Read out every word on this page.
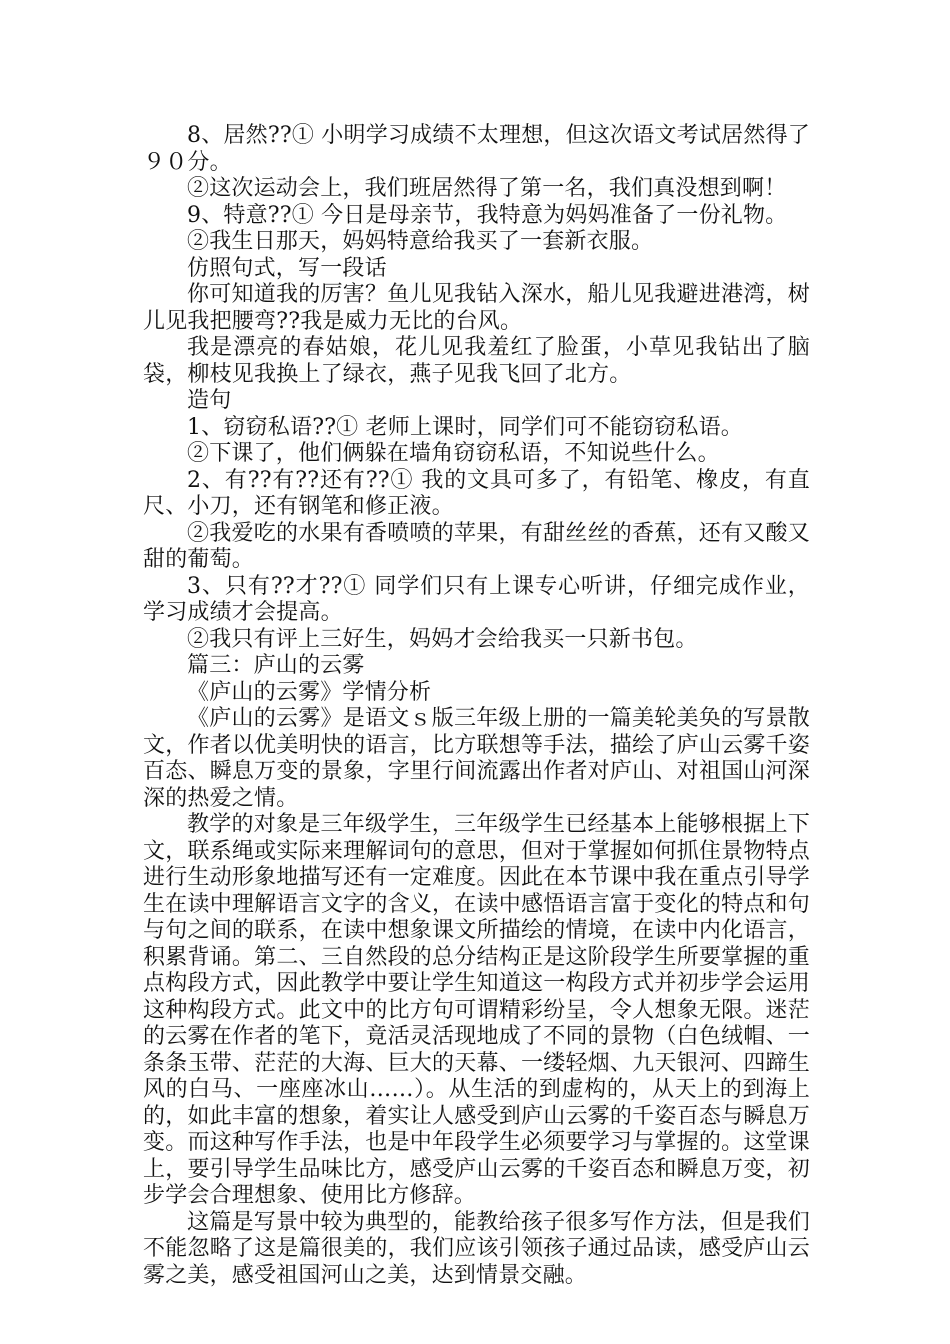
8、居然??① 小明学习成绩不太理想，但这次语文考试居然得了９０分。

②这次运动会上，我们班居然得了第一名，我们真没想到啊！

9、特意??① 今日是母亲节，我特意为妈妈准备了一份礼物。

②我生日那天，妈妈特意给我买了一套新衣服。

仿照句式，写一段话

你可知道我的厉害？鱼儿见我钻入深水，船儿见我避进港湾，树儿见我把腰弯??我是威力无比的台风。

我是漂亮的春姑娘，花儿见我羞红了脸蛋，小草见我钻出了脑袋，柳枝见我换上了绿衣，燕子见我飞回了北方。

造句

1、窃窃私语??① 老师上课时，同学们可不能窃窃私语。

②下课了，他们俩躲在墙角窃窃私语，不知说些什么。

2、有??有??还有??① 我的文具可多了，有铅笔、橡皮，有直尺、小刀，还有钢笔和修正液。

②我爱吃的水果有香喷喷的苹果，有甜丝丝的香蕉，还有又酸又甜的葡萄。

3、只有??才??① 同学们只有上课专心听讲，仔细完成作业，学习成绩才会提高。

②我只有评上三好生，妈妈才会给我买一只新书包。

篇三：庐山的云雾

《庐山的云雾》学情分析

《庐山的云雾》是语文ｓ版三年级上册的一篇美轮美奂的写景散文，作者以优美明快的语言，比方联想等手法，描绘了庐山云雾千姿百态、瞬息万变的景象，字里行间流露出作者对庐山、对祖国山河深深的热爱之情。

教学的对象是三年级学生，三年级学生已经基本上能够根据上下文，联系绳或实际来理解词句的意思，但对于掌握如何抓住景物特点进行生动形象地描写还有一定难度。因此在本节课中我在重点引导学生在读中理解语言文字的含义，在读中感悟语言富于变化的特点和句与句之间的联系，在读中想象课文所描绘的情境，在读中内化语言，积累背诵。第二、三自然段的总分结构正是这阶段学生所要掌握的重点构段方式，因此教学中要让学生知道这一构段方式并初步学会运用这种构段方式。此文中的比方句可谓精彩纷呈，令人想象无限。迷茫的云雾在作者的笔下，竟活灵活现地成了不同的景物（白色绒帽、一条条玉带、茫茫的大海、巨大的天幕、一缕轻烟、九天银河、四蹄生风的白马、一座座冰山……）。从生活的到虚构的，从天上的到海上的，如此丰富的想象，着实让人感受到庐山云雾的千姿百态与瞬息万变。而这种写作手法，也是中年段学生必须要学习与掌握的。这堂课上，要引导学生品味比方，感受庐山云雾的千姿百态和瞬息万变，初步学会合理想象、使用比方修辞。

这篇是写景中较为典型的，能教给孩子很多写作方法，但是我们不能忽略了这是篇很美的，我们应该引领孩子通过品读，感受庐山云雾之美，感受祖国河山之美，达到情景交融。
